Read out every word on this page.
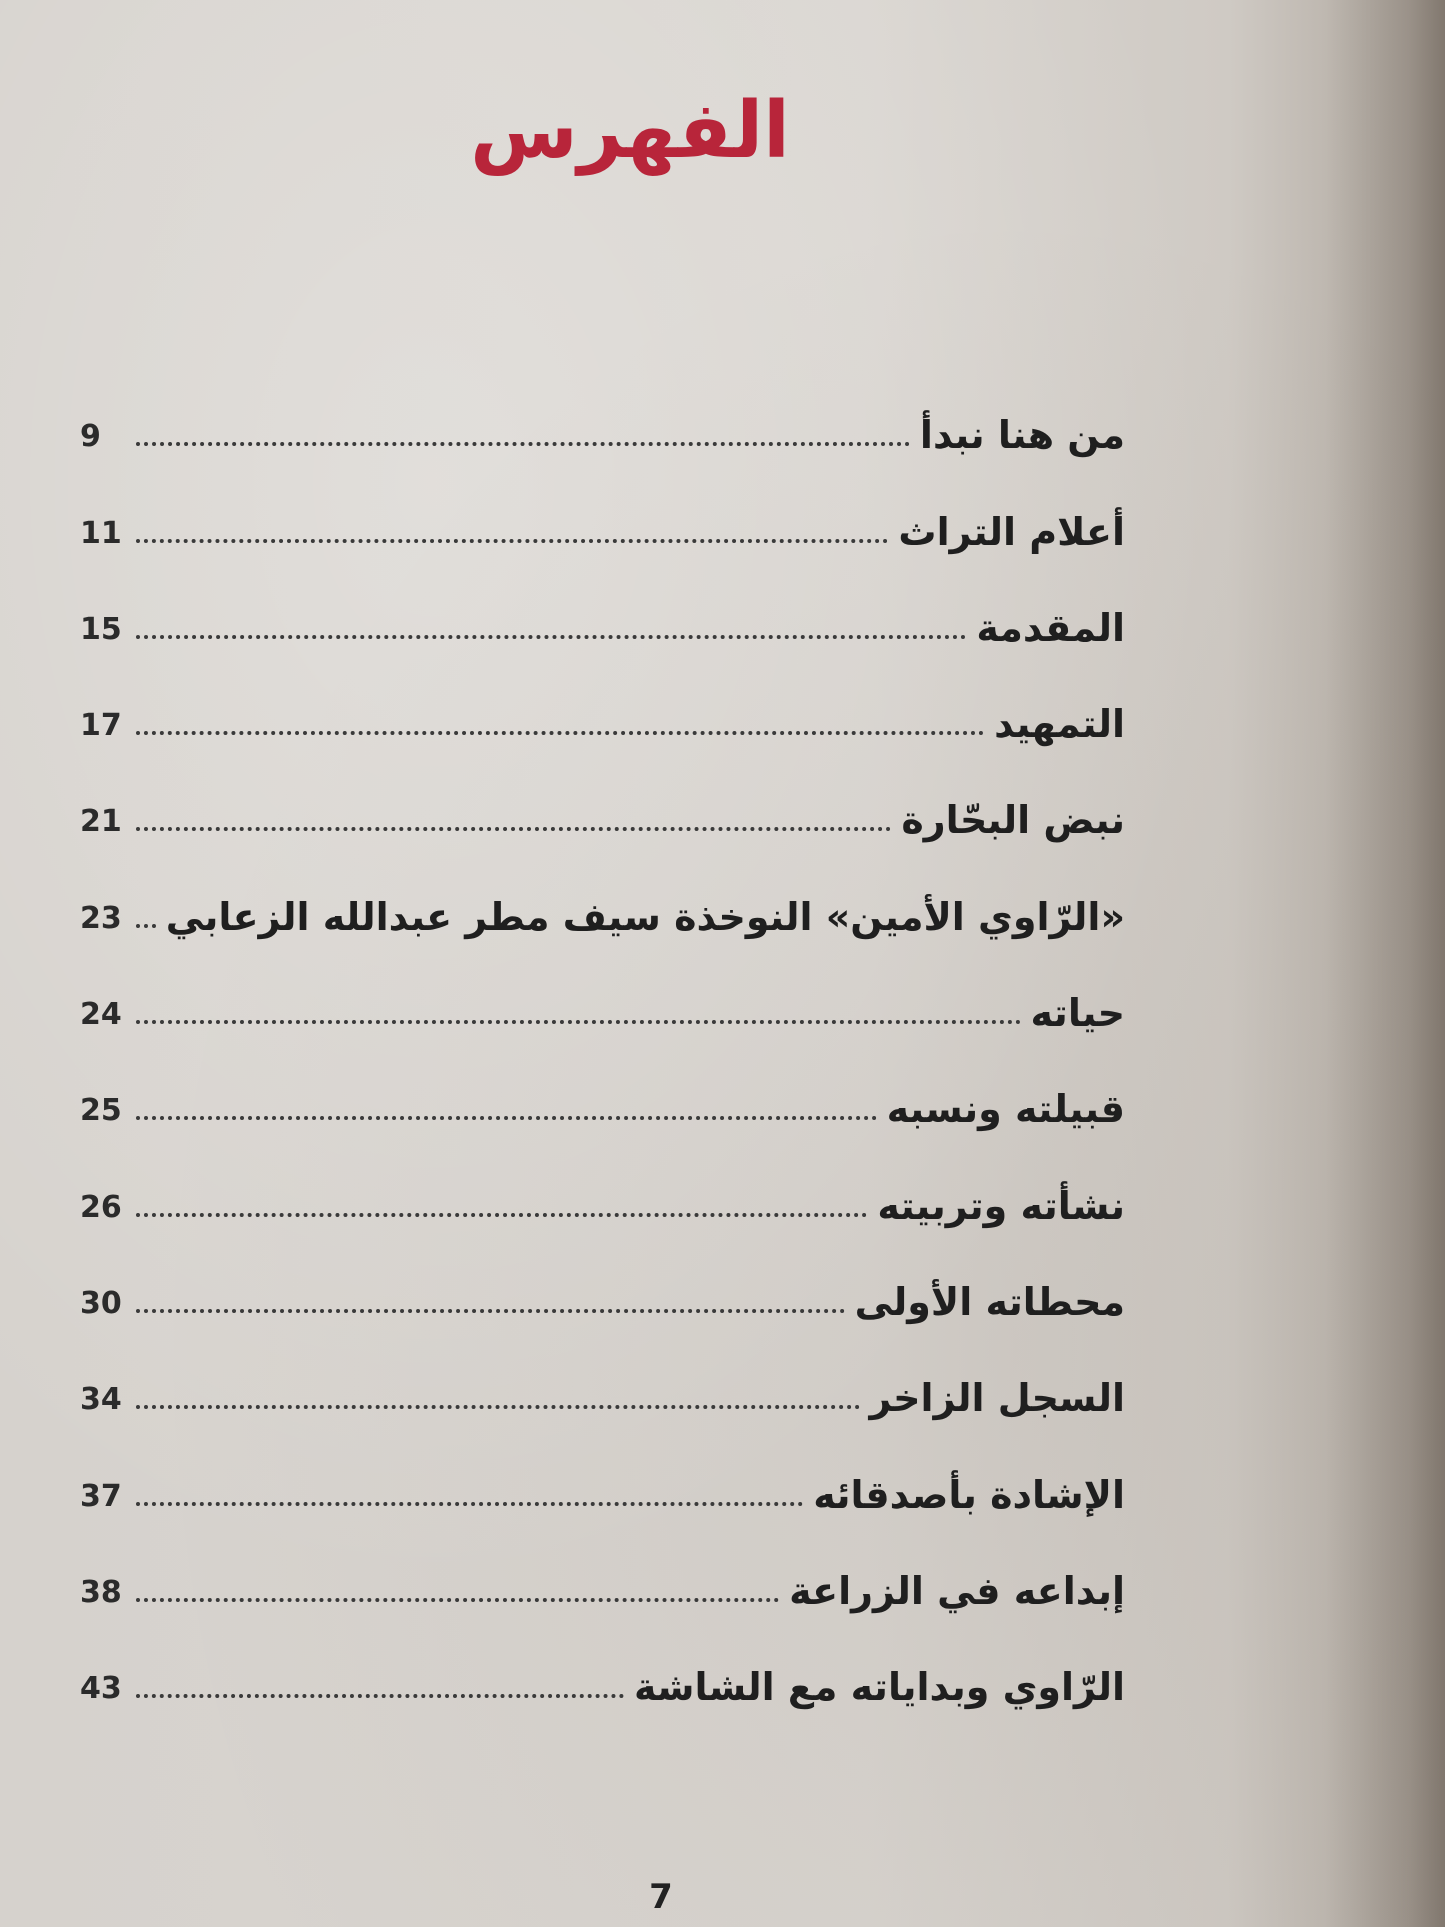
الفهرس
9	من هنا نبدأ
11	أعلام التراث
15	المقدمة
17	التمهيد
21	نبض البحّارة
23 «الرّاوي الأمين» النوخذة سيف مطر عبدالله الزعابي
24	حياته
25	قبيلته ونسبه
26	نشأته وتربيته
30	محطاته الأولى
34	السجل الزاخر
37	الإشادة بأصدقائه
38	إبداعه في الزراعة
43	الرّاوي وبداياته مع الشاشة
7
